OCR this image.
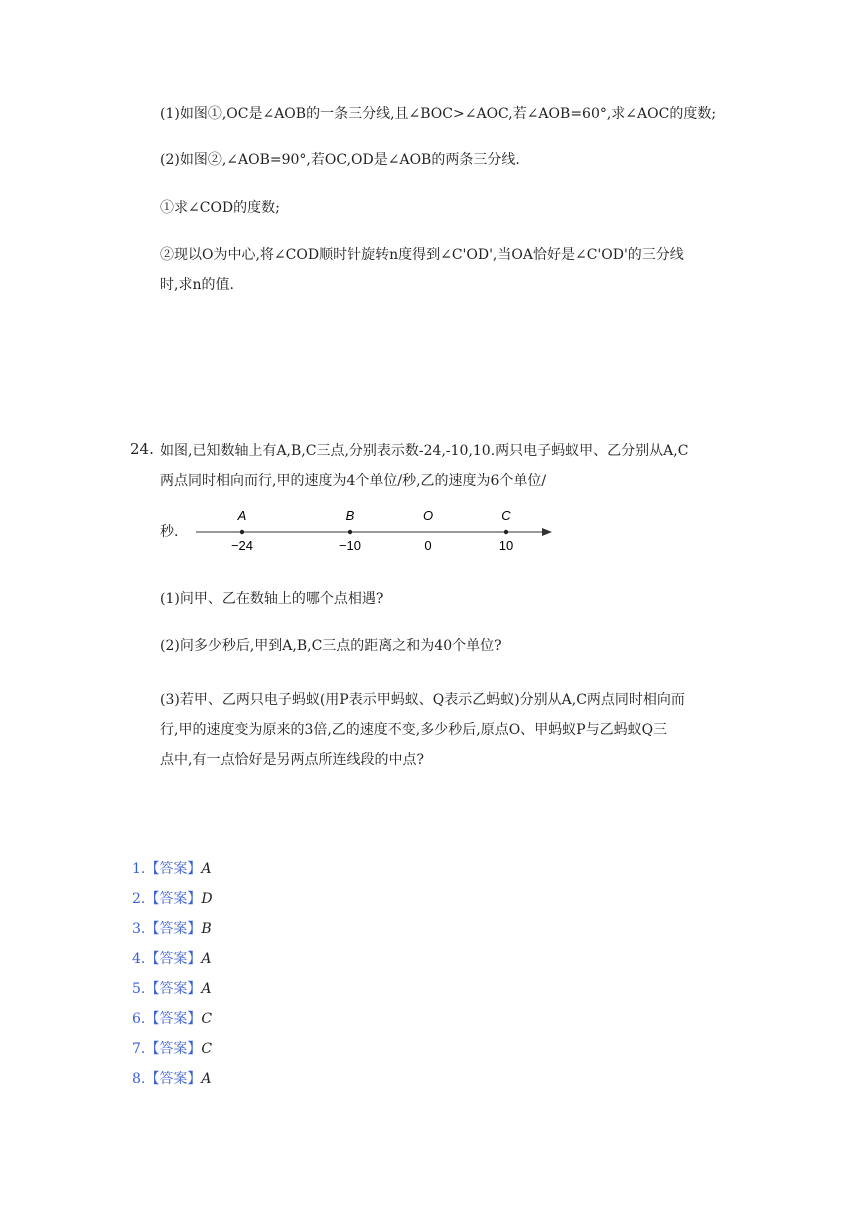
(1)如图①,OC是∠AOB的一条三分线,且∠BOC>∠AOC,若∠AOB=60°,求∠AOC的度数;
(2)如图②,∠AOB=90°,若OC,OD是∠AOB的两条三分线.
①求∠COD的度数;
②现以O为中心,将∠COD顺时针旋转n度得到∠C'OD',当OA恰好是∠C'OD'的三分线
时,求n的值.
24. 如图,已知数轴上有A,B,C三点,分别表示数-24,-10,10.两只电子蚂蚁甲、乙分别从A,C
两点同时相向而行,甲的速度为4个单位/秒,乙的速度为6个单位/
秒.
A
−24
B
−10
O
0
C
10
(1)问甲、乙在数轴上的哪个点相遇?
(2)问多少秒后,甲到A,B,C三点的距离之和为40个单位?
(3)若甲、乙两只电子蚂蚁(用P表示甲蚂蚁、Q表示乙蚂蚁)分别从A,C两点同时相向而
行,甲的速度变为原来的3倍,乙的速度不变,多少秒后,原点O、甲蚂蚁P与乙蚂蚁Q三
点中,有一点恰好是另两点所连线段的中点?
1.【答案】A
2.【答案】D
3.【答案】B
4.【答案】A
5.【答案】A
6.【答案】C
7.【答案】C
8.【答案】A
